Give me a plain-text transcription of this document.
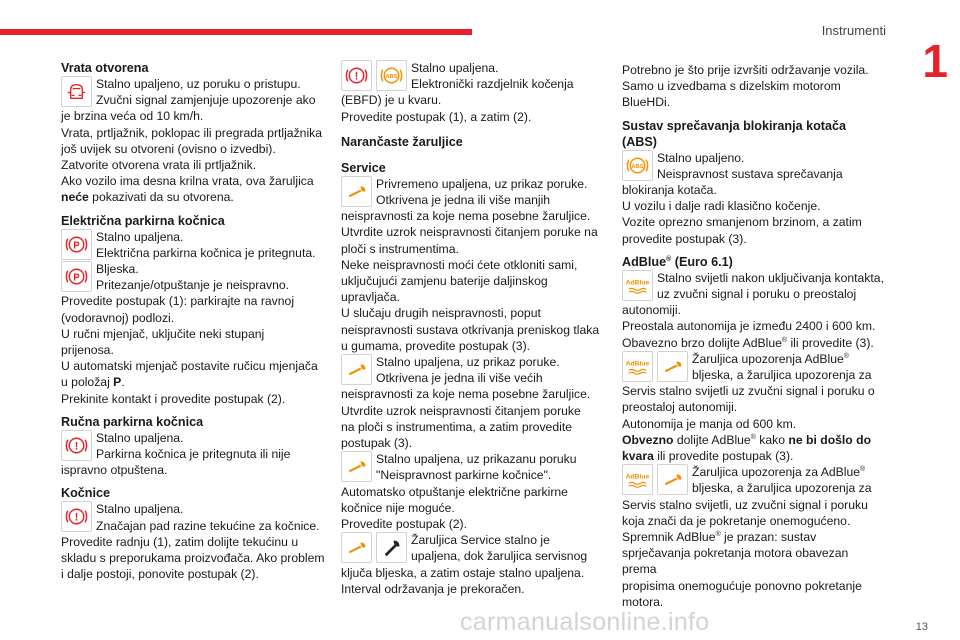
Instrumenti
1
Vrata otvorena

Stalno upaljeno, uz poruku o pristupu.

Zvučni signal zamjenjuje upozorenje ako

je brzina veća od 10 km/h.

Vrata, prtljažnik, poklopac ili pregrada prtljažnika

još uvijek su otvoreni (ovisno o izvedbi).

Zatvorite otvorena vrata ili prtljažnik.

Ako vozilo ima desna krilna vrata, ova žaruljica

neće pokazivati da su otvorena.

Električna parkirna kočnica
P

Stalno upaljena.

Električna parkirna kočnica je pritegnuta.

P

Bljeska.

Pritezanje/otpuštanje je neispravno.

Provedite postupak (1): parkirajte na ravnoj

(vodoravnoj) podlozi.

U ručni mjenjač, uključite neki stupanj

prijenosa.

U automatski mjenjač postavite ručicu mjenjača

u položaj P.

Prekinite kontakt i provedite postupak (2).

Ručna parkirna kočnica
!

Stalno upaljena.

Parkirna kočnica je pritegnuta ili nije

ispravno otpuštena.

Kočnice
!

Stalno upaljena.

Značajan pad razine tekućine za kočnice.

Provedite radnju (1), zatim dolijte tekućinu u

skladu s preporukama proizvođača. Ako problem

i dalje postoji, ponovite postupak (2).

!	ABS

Stalno upaljena.

Elektronički razdjelnik kočenja

(EBFD) je u kvaru.

Provedite postupak (1), a zatim (2).

Narančaste žaruljice
Service

Privremeno upaljena, uz prikaz poruke.

Otkrivena je jedna ili više manjih

neispravnosti za koje nema posebne žaruljice.

Utvrdite uzrok neispravnosti čitanjem poruke na

ploči s instrumentima.

Neke neispravnosti moći ćete otkloniti sami,

uključujući zamjenu baterije daljinskog

upravljača.

U slučaju drugih neispravnosti, poput

neispravnosti sustava otkrivanja preniskog tlaka

u gumama, provedite postupak (3).

Stalno upaljena, uz prikaz poruke.

Otkrivena je jedna ili više većih

neispravnosti za koje nema posebne žaruljice.

Utvrdite uzrok neispravnosti čitanjem poruke

na ploči s instrumentima, a zatim provedite

postupak (3).

Stalno upaljena, uz prikazanu poruku

"Neispravnost parkirne kočnice".

Automatsko otpuštanje električne parkirne

kočnice nije moguće.

Provedite postupak (2).

Žaruljica Service stalno je

upaljena, dok žaruljica servisnog

ključa bljeska, a zatim ostaje stalno upaljena.

Interval održavanja je prekoračen.

Potrebno je što prije izvršiti održavanje vozila.

Samo u izvedbama s dizelskim motorom

BlueHDi.

Sustav sprečavanja blokiranja kotača
(ABS)
ABS

Stalno upaljeno.

Neispravnost sustava sprečavanja

blokiranja kotača.

U vozilu i dalje radi klasično kočenje.

Vozite oprezno smanjenom brzinom, a zatim

provedite postupak (3).

AdBlue® (Euro 6.1)
AdBlue Stalno svijetli nakon uključivanja kontakta,

uz zvučni signal i poruku o preostaloj

autonomiji.

Preostala autonomija je između 2400 i 600 km.

Obavezno brzo dolijte AdBlue® ili provedite (3).

AdBlue	Žaruljica upozorenja AdBlue®

bljeska, a žaruljica upozorenja za

Servis stalno svijetli uz zvučni signal i poruku o

preostaloj autonomiji.

Autonomija je manja od 600 km.

Obvezno dolijte AdBlue® kako ne bi došlo do

kvara ili provedite postupak (3).

AdBlue	Žaruljica upozorenja za AdBlue®

bljeska, a žaruljica upozorenja za

Servis stalno svijetli, uz zvučni signal i poruku

koja znači da je pokretanje onemogućeno.

Spremnik AdBlue® je prazan: sustav

sprječavanja pokretanja motora obavezan prema

propisima onemogućuje ponovno pokretanje

motora.

carmanualsonline.info	13
